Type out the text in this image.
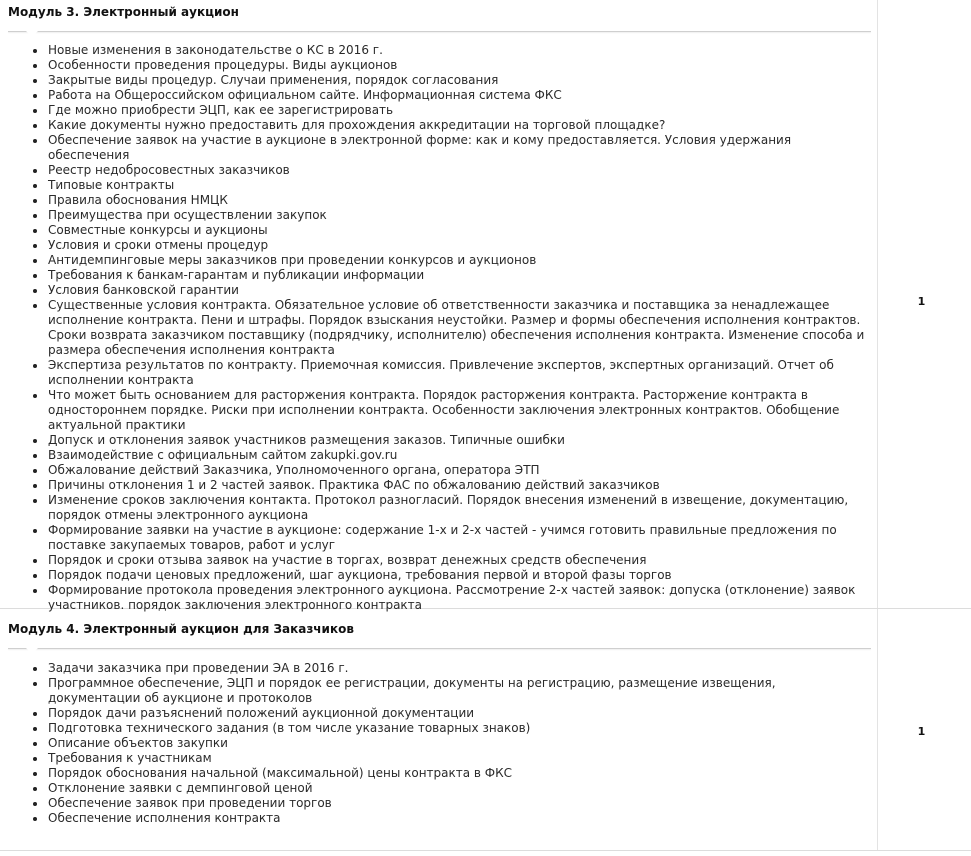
Модуль 3. Электронный аукцион
Новые изменения в законодательстве о КС в 2016 г.
Особенности проведения процедуры. Виды аукционов
Закрытые виды процедур. Случаи применения, порядок согласования
Работа на Общероссийском официальном сайте. Информационная система ФКС
Где можно приобрести ЭЦП, как ее зарегистрировать
Какие документы нужно предоставить для прохождения аккредитации на торговой площадке?
Обеспечение заявок на участие в аукционе в электронной форме: как и кому предоставляется. Условия удержания обеспечения
Реестр недобросовестных заказчиков
Типовые контракты
Правила обоснования НМЦК
Преимущества при осуществлении закупок
Совместные конкурсы и аукционы
Условия и сроки отмены процедур
Антидемпинговые меры заказчиков при проведении конкурсов и аукционов
Требования к банкам-гарантам и публикации информации
Условия банковской гарантии
Существенные условия контракта. Обязательное условие об ответственности заказчика и поставщика за ненадлежащее исполнение контракта. Пени и штрафы. Порядок взыскания неустойки. Размер и формы обеспечения исполнения контрактов. Сроки возврата заказчиком поставщику (подрядчику, исполнителю) обеспечения исполнения контракта. Изменение способа и размера обеспечения исполнения контракта
Экспертиза результатов по контракту. Приемочная комиссия. Привлечение экспертов, экспертных организаций. Отчет об исполнении контракта
Что может быть основанием для расторжения контракта. Порядок расторжения контракта. Расторжение контракта в одностороннем порядке. Риски при исполнении контракта. Особенности заключения электронных контрактов. Обобщение актуальной практики
Допуск и отклонения заявок участников размещения заказов. Типичные ошибки
Взаимодействие с официальным сайтом zakupki.gov.ru
Обжалование действий Заказчика, Уполномоченного органа, оператора ЭТП
Причины отклонения 1 и 2 частей заявок. Практика ФАС по обжалованию действий заказчиков
Изменение сроков заключения контакта. Протокол разногласий. Порядок внесения изменений в извещение, документацию, порядок отмены электронного аукциона
Формирование заявки на участие в аукционе: содержание 1-х и 2-х частей - учимся готовить правильные предложения по поставке закупаемых товаров, работ и услуг
Порядок и сроки отзыва заявок на участие в торгах, возврат денежных средств обеспечения
Порядок подачи ценовых предложений, шаг аукциона, требования первой и второй фазы торгов
Формирование протокола проведения электронного аукциона. Рассмотрение 2-х частей заявок: допуска (отклонение) заявок участников. порядок заключения электронного контракта
1
Модуль 4. Электронный аукцион для Заказчиков
Задачи заказчика при проведении ЭА в 2016 г.
Программное обеспечение, ЭЦП и порядок ее регистрации, документы на регистрацию, размещение извещения, документации об аукционе и протоколов
Порядок дачи разъяснений положений аукционной документации
Подготовка технического задания (в том числе указание товарных знаков)
Описание объектов закупки
Требования к участникам
Порядок обоснования начальной (максимальной) цены контракта в ФКС
Отклонение заявки с демпинговой ценой
Обеспечение заявок при проведении торгов
Обеспечение исполнения контракта
1
